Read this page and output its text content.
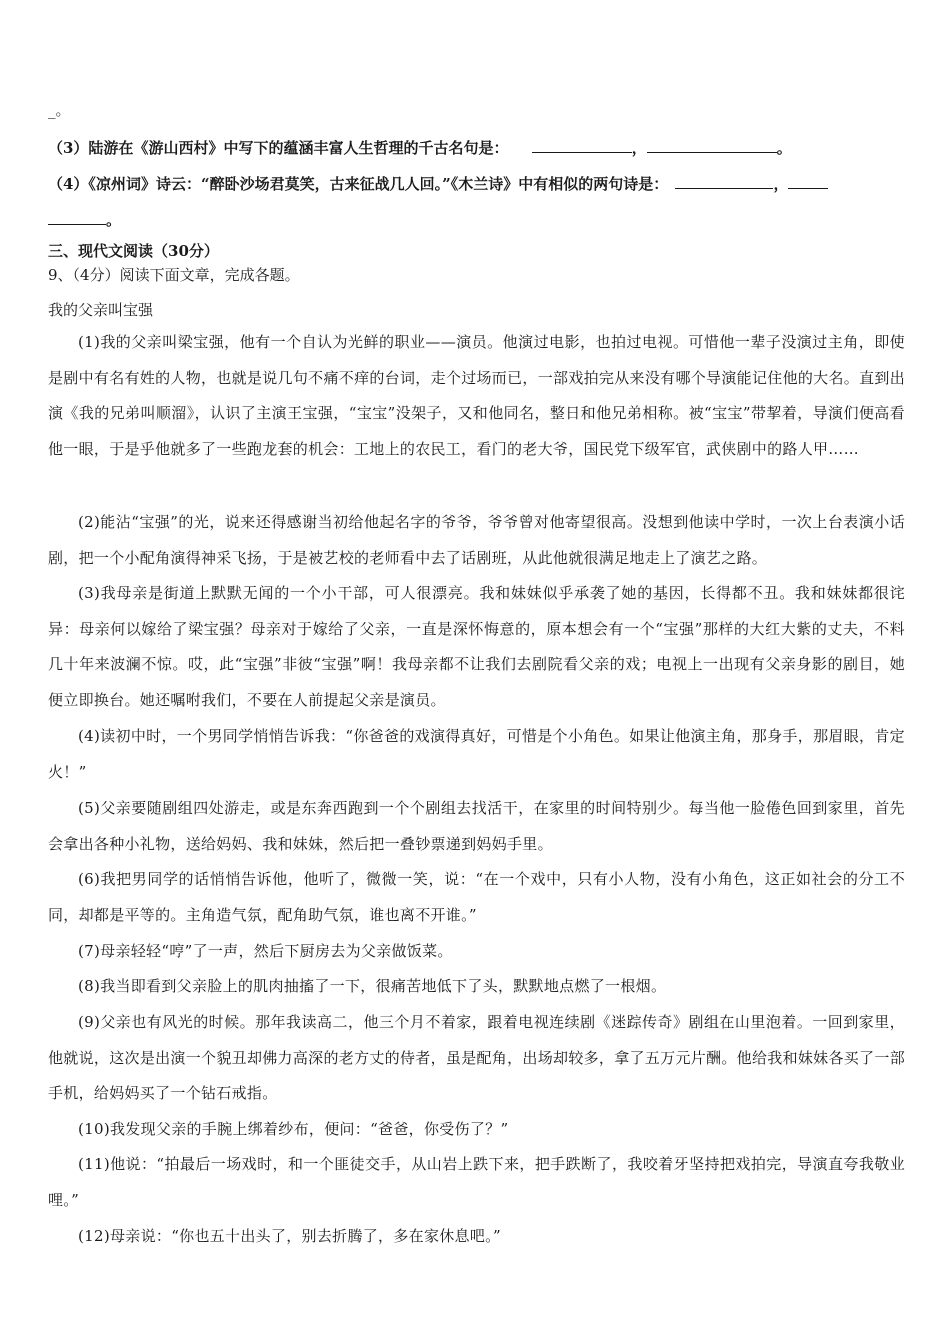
_。
（3）陆游在《游山西村》中写下的蕴涵丰富人生哲理的千古名句是：	，	。
（4）《凉州词》诗云：“醉卧沙场君莫笑，古来征战几人回。”《木兰诗》中有相似的两句诗是：	，
。
三、现代文阅读（30分）
9、（4分）阅读下面文章，完成各题。
我的父亲叫宝强
(1)我的父亲叫梁宝强，他有一个自认为光鲜的职业——演员。他演过电影，也拍过电视。可惜他一辈子没演过主角，即使是剧中有名有姓的人物，也就是说几句不痛不痒的台词，走个过场而已，一部戏拍完从来没有哪个导演能记住他的大名。直到出演《我的兄弟叫顺溜》，认识了主演王宝强，“宝宝”没架子，又和他同名，整日和他兄弟相称。被“宝宝”带挈着，导演们便高看他一眼，于是乎他就多了一些跑龙套的机会：工地上的农民工，看门的老大爷，国民党下级军官，武侠剧中的路人甲……
(2)能沾“宝强”的光，说来还得感谢当初给他起名字的爷爷，爷爷曾对他寄望很高。没想到他读中学时，一次上台表演小话剧，把一个小配角演得神采飞扬，于是被艺校的老师看中去了话剧班，从此他就很满足地走上了演艺之路。
(3)我母亲是街道上默默无闻的一个小干部，可人很漂亮。我和妹妹似乎承袭了她的基因，长得都不丑。我和妹妹都很诧异：母亲何以嫁给了梁宝强？母亲对于嫁给了父亲，一直是深怀悔意的，原本想会有一个“宝强”那样的大红大紫的丈夫，不料几十年来波澜不惊。哎，此“宝强”非彼“宝强”啊！我母亲都不让我们去剧院看父亲的戏；电视上一出现有父亲身影的剧目，她便立即换台。她还嘱咐我们，不要在人前提起父亲是演员。
(4)读初中时，一个男同学悄悄告诉我：“你爸爸的戏演得真好，可惜是个小角色。如果让他演主角，那身手，那眉眼，肯定火！”
(5)父亲要随剧组四处游走，或是东奔西跑到一个个剧组去找活干，在家里的时间特别少。每当他一脸倦色回到家里，首先会拿出各种小礼物，送给妈妈、我和妹妹，然后把一叠钞票递到妈妈手里。
(6)我把男同学的话悄悄告诉他，他听了，微微一笑，说：“在一个戏中，只有小人物，没有小角色，这正如社会的分工不同，却都是平等的。主角造气氛，配角助气氛，谁也离不开谁。”
(7)母亲轻轻“哼”了一声，然后下厨房去为父亲做饭菜。
(8)我当即看到父亲脸上的肌肉抽搐了一下，很痛苦地低下了头，默默地点燃了一根烟。
(9)父亲也有风光的时候。那年我读高二，他三个月不着家，跟着电视连续剧《迷踪传奇》剧组在山里泡着。一回到家里，他就说，这次是出演一个貌丑却佛力高深的老方丈的侍者，虽是配角，出场却较多，拿了五万元片酬。他给我和妹妹各买了一部手机，给妈妈买了一个钻石戒指。
(10)我发现父亲的手腕上绑着纱布，便问：“爸爸，你受伤了？”
(11)他说：“拍最后一场戏时，和一个匪徒交手，从山岩上跌下来，把手跌断了，我咬着牙坚持把戏拍完，导演直夸我敬业哩。”
(12)母亲说：“你也五十出头了，别去折腾了，多在家休息吧。”
